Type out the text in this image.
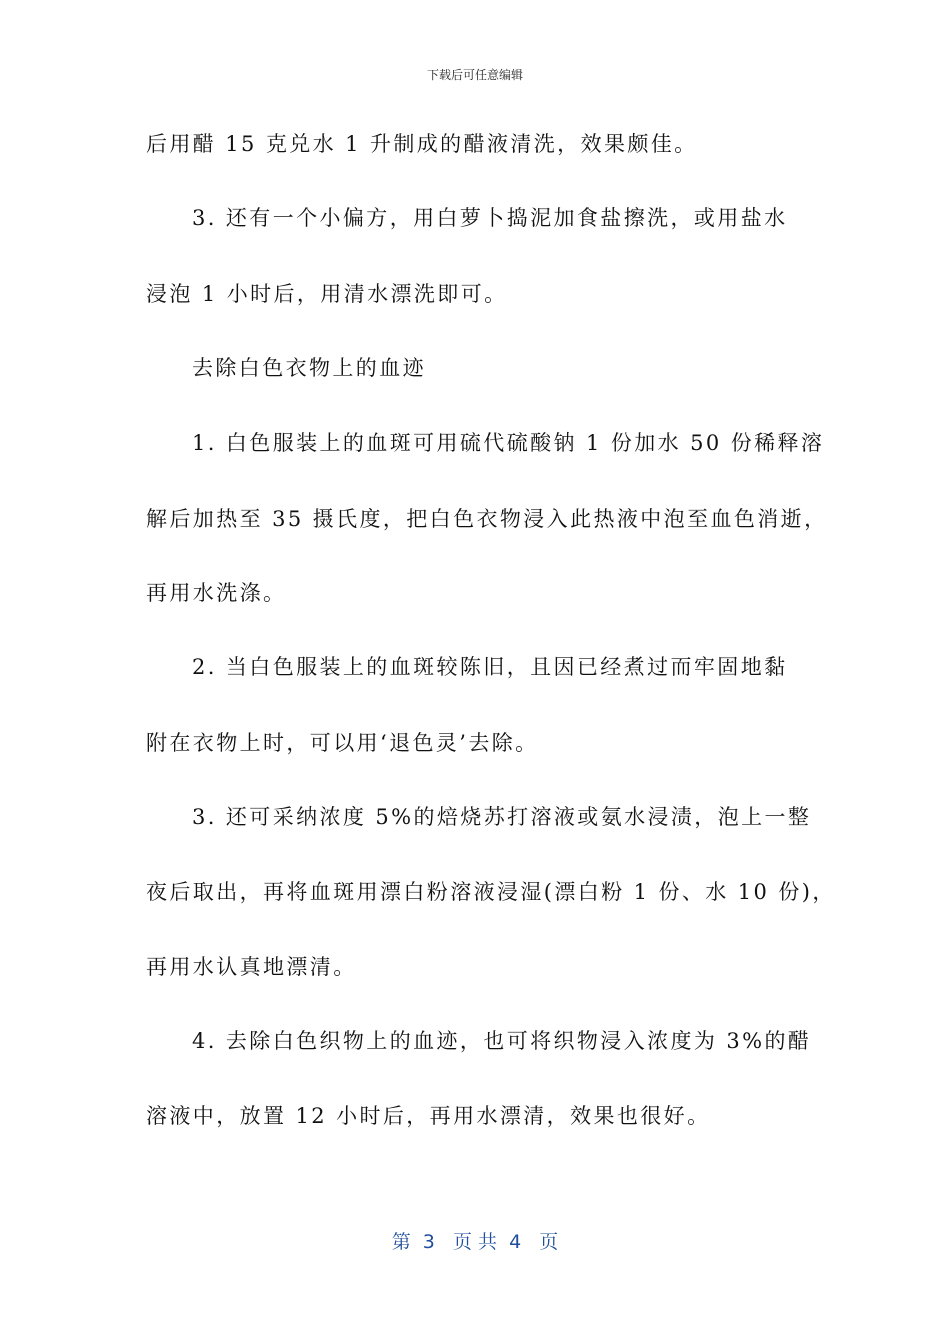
下载后可任意编辑
后用醋 15 克兑水 1 升制成的醋液清洗，效果颇佳。
3. 还有一个小偏方，用白萝卜捣泥加食盐擦洗，或用盐水
浸泡 1 小时后，用清水漂洗即可。
去除白色衣物上的血迹
1. 白色服装上的血斑可用硫代硫酸钠 1 份加水 50 份稀释溶
解后加热至 35 摄氏度，把白色衣物浸入此热液中泡至血色消逝，
再用水洗涤。
2. 当白色服装上的血斑较陈旧，且因已经煮过而牢固地黏
附在衣物上时，可以用‘退色灵’去除。
3. 还可采纳浓度 5%的焙烧苏打溶液或氨水浸渍，泡上一整
夜后取出，再将血斑用漂白粉溶液浸湿(漂白粉 1 份、水 10 份)，
再用水认真地漂清。
4. 去除白色织物上的血迹，也可将织物浸入浓度为 3%的醋
溶液中，放置 12 小时后，再用水漂清，效果也很好。
第  3   页 共  4   页
